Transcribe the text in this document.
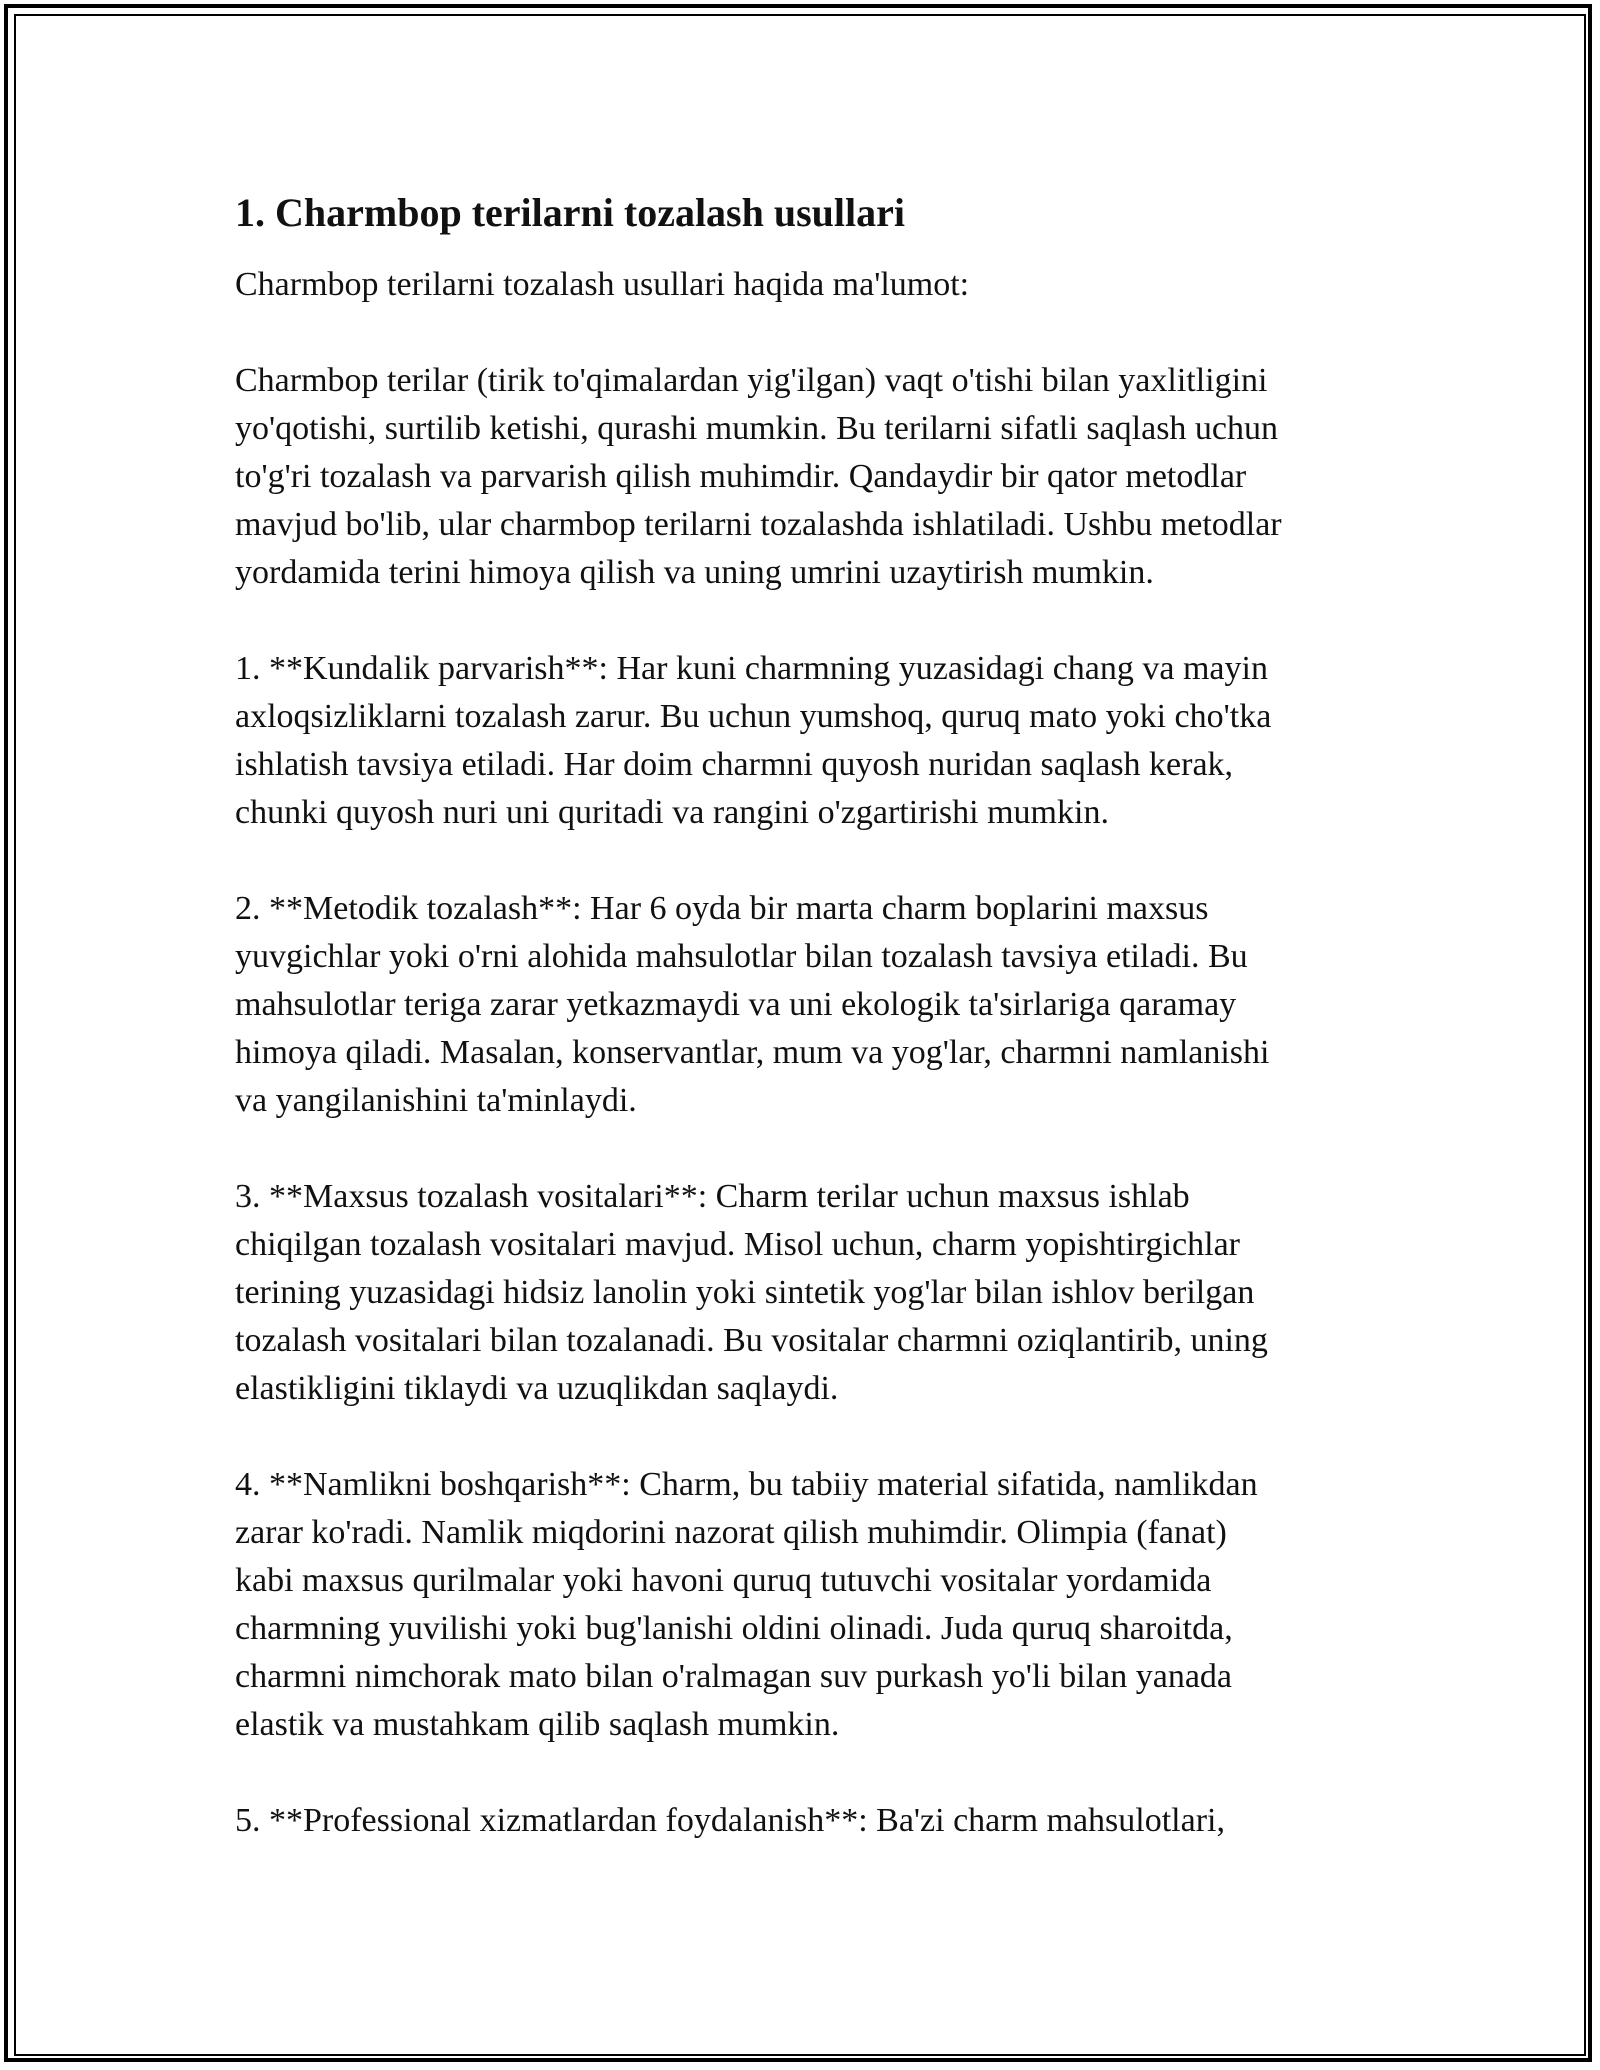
1. Charmbop terilarni tozalash usullari

Charmbop terilarni tozalash usullari haqida ma'lumot:

Charmbop terilar (tirik to'qimalardan yig'ilgan) vaqt o'tishi bilan yaxlitligini
yo'qotishi, surtilib ketishi, qurashi mumkin. Bu terilarni sifatli saqlash uchun
to'g'ri tozalash va parvarish qilish muhimdir. Qandaydir bir qator metodlar
mavjud bo'lib, ular charmbop terilarni tozalashda ishlatiladi. Ushbu metodlar
yordamida terini himoya qilish va uning umrini uzaytirish mumkin.

1. **Kundalik parvarish**: Har kuni charmning yuzasidagi chang va mayin
axloqsizliklarni tozalash zarur. Bu uchun yumshoq, quruq mato yoki cho'tka
ishlatish tavsiya etiladi. Har doim charmni quyosh nuridan saqlash kerak,
chunki quyosh nuri uni quritadi va rangini o'zgartirishi mumkin.

2. **Metodik tozalash**: Har 6 oyda bir marta charm boplarini maxsus
yuvgichlar yoki o'rni alohida mahsulotlar bilan tozalash tavsiya etiladi. Bu
mahsulotlar teriga zarar yetkazmaydi va uni ekologik ta'sirlariga qaramay
himoya qiladi. Masalan, konservantlar, mum va yog'lar, charmni namlanishi
va yangilanishini ta'minlaydi.

3. **Maxsus tozalash vositalari**: Charm terilar uchun maxsus ishlab
chiqilgan tozalash vositalari mavjud. Misol uchun, charm yopishtirgichlar
terining yuzasidagi hidsiz lanolin yoki sintetik yog'lar bilan ishlov berilgan
tozalash vositalari bilan tozalanadi. Bu vositalar charmni oziqlantirib, uning
elastikligini tiklaydi va uzuqlikdan saqlaydi.

4. **Namlikni boshqarish**: Charm, bu tabiiy material sifatida, namlikdan
zarar ko'radi. Namlik miqdorini nazorat qilish muhimdir. Olimpia (fanat)
kabi maxsus qurilmalar yoki havoni quruq tutuvchi vositalar yordamida
charmning yuvilishi yoki bug'lanishi oldini olinadi. Juda quruq sharoitda,
charmni nimchorak mato bilan o'ralmagan suv purkash yo'li bilan yanada
elastik va mustahkam qilib saqlash mumkin.

5. **Professional xizmatlardan foydalanish**: Ba'zi charm mahsulotlari,
